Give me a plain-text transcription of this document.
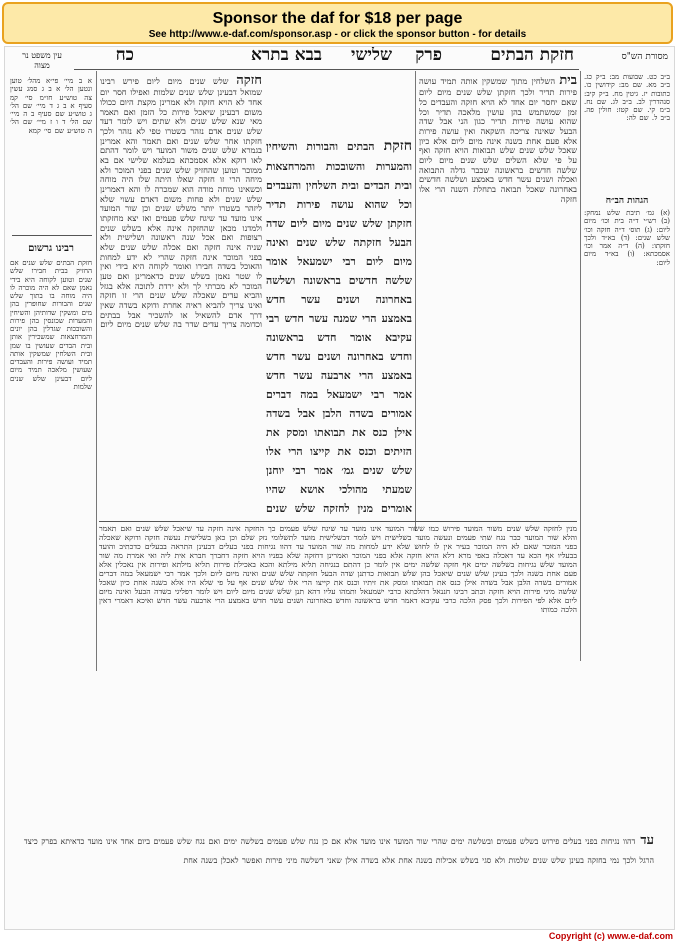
Sponsor the daf for $18 per page
See http://www.e-daf.com/sponsor.asp - or click the sponsor button - for details
מסורת הש"ס
חזקת הבתים
פרק
שלישי
בבא בתרא
כח
עין משפט נר מצוה
ב״ב כט. שבועות מב: ב״ק כג. ב״ב מא. שם מב: קידושין כו. כתובות יז. גיטין מח. ב״ק קיב: סנהדרין לב. ב״ב לג. שם נח. ב״מ קי. שם קטז: חולין פה. ב״ב ל. שם לה:
הגהות הב״ח
(א) גמ׳ תיבת שלש נמחק: (ב) רש״י ד״ה בית וכו׳ מיום ליום: (ג) תוס׳ ד״ה חזקה וכו׳ שלש שנים: (ד) בא״ד ולכך חזקתו: (ה) ד״ה אמר וכו׳ אסמכתא: (ו) בא״ד מיום ליום:
בית השלחין מתוך שמשקין אותה תמיד עושה פירות תדיר ולכך חזקתן שלש שנים מיום ליום שאם יחסר יום אחד לא הויא חזקה והעבדים כל זמן שמשתמש בהן עושין מלאכה תדיר וכל שהוא עושה פירות תדיר כגון הני אבל שדה הבעל שאינה צריכה השקאה ואין עושה פירות אלא פעם אחת בשנה אינה מיום ליום אלא כיון שאכל שלש שנים שלש תבואות הויא חזקה ואף על פי שלא השלים שלש שנים מיום ליום שלשה חדשים בראשונה שכבר גדלה התבואה ואכלה ושנים עשר חדש באמצע ושלשה חדשים באחרונה שאכל תבואה בתחלת השנה הרי אלו חזקה
חזקת הבתים והבורות והשיחין והמערות והשובכות והמרחצאות ובית הבדים ובית השלחין והעבדים וכל שהוא עושה פירות תדיר חזקתן שלש שנים מיום ליום שדה הבעל חזקתה שלש שנים ואינה מיום ליום רבי ישמעאל אומר שלשה חדשים בראשונה ושלשה באחרונה ושנים עשר חדש באמצע הרי שמנה עשר חדש רבי עקיבא אומר חדש בראשונה וחדש באחרונה ושנים עשר חדש באמצע הרי ארבעה עשר חדש אמר רבי ישמעאל במה דברים אמורים בשדה הלבן אבל בשדה אילן כנס את תבואתו ומסק את הזיתים וכנס את קייצו הרי אלו שלש שנים גמ׳ אמר רבי יוחנן שמעתי מהולכי אושא שהיו אומרים מנין לחזקה שלש שנים
חזקה שלש שנים מיום ליום פירש רבינו שמואל דבעינן שלש שנים שלמות ואפילו חסר יום אחד לא הויא חזקה ולא אמרינן מקצת היום ככולו משום דבעינן שיאכל פירות כל הזמן ואם תאמר מאי שנא שלש שנים ולא שתים ויש לומר דעד שלש שנים אדם נזהר בשטרו טפי לא נזהר ולכך חזקתו אחר שלש שנים ואם תאמר והא אמרינן בגמרא שלש שנים משור המועד ויש לומר דהתם לאו דוקא אלא אסמכתא בעלמא שלישי אם בא ממוכר וטוען שהחזיק שלש שנים בפני המוכר ולא מיחה הרי זו חזקה שאלו היתה שלו היה מוחה וכשאינו מוחה מודה הוא שמכרה לו והא דאמרינן שלש שנים ולא פחות משום דאדם עשוי שלא ליזהר בשטרו יותר משלש שנים וכן שור המועד אינו מועד עד שיגח שלש פעמים ואז יצא מחזקתו ולמדנו מכאן שהחזקה אינה אלא בשלש שנים רצופות ואם אכל שנה ראשונה ושלישית ולא שניה אינה חזקה ואם אכלה שלש שנים שלא בפני המוכר אינה חזקה שהרי לא ידע למחות והאוכל בשדה חבירו ואומר לקוחה היא בידי ואין לו שטר נאמן בשלש שנים כדאמרינן ואם טען המוכר לא מכרתי לך ולא ירדת לתוכה אלא בגזל והביא עדים שאכלה שלש שנים הרי זו חזקה ואינו צריך להביא ראיה אחרת ודוקא בשדה שאין דרך אדם להשאיל או להשכיר אבל בבתים וכדומה צריך עדים שדר בה שלש שנים מיום ליום
א ב מיי׳ פי״א מהל׳ טוען ונטען הל׳ א ב ג סמג עשין צה טוש״ע חו״מ סי׳ קמ סעיף א ב ג ד מיי׳ שם הל׳ ג טוש״ע שם סעיף ב ה מיי׳ שם הל׳ ד ו ז מיי׳ שם הל׳ ה טוש״ע שם סי׳ קמא
רבינו גרשום
חזקת הבתים שלש שנים אם החזיק בבית חבירו שלש שנים וטוען לקוחה היא בידי נאמן שאם לא היה מוכרה לו היה מוחה בו בתוך שלש שנים והבורות שחופרין בהן מים ומשקין שדותיהן והשיחין והמערות שכונסין בהן פירות והשובכות שגדלין בהן יונים והמרחצאות שמשכירין אותן ובית הבדים שעושין בו שמן ובית השלחין שמשקין אותה תמיד ועושה פירות והעבדים שעושין מלאכה תמיד מיום ליום דבעינן שלש שנים שלמות
מנין לחזקה שלש שנים משור המועד פירוש כמו ששור המועד אינו מועד עד שיגח שלש פעמים כך החזקה אינה חזקה עד שיאכל שלש שנים ואם תאמר והלא שור המועד כבר נגח שתי פעמים ונעשה מועד בשלישית ויש לומר דבשלישית מועד לתשלומי נזק שלם וכן כאן בשלישית נעשה חזקה ודוקא שאכלה בפני המוכר שאם לא היה המוכר בעיר אין לו לחוש שלא ידע למחות מה שור המועד עד דהוו נגיחות בפני בעלים דבעינן התראה בבעלים כדכתיב והועד בבעליו אף הכא עד דאכלה באפי מרא דלא הויא חזקה אלא בפני המוכר ואמרינן דחזקה שלא בפניו הויא חזקה דחברך חברא אית ליה ואי אמרת מה שור המועד שלש נגיחות בשלשה ימים אף חזקה שלשה ימים אין לומר כן דהתם בנגיחה תליא מילתא והכא באכילת פירות תליא מילתא ופירות אין נאכלין אלא פעם אחת בשנה ולכך בעינן שלש שנים שיאכל בהן שלש תבואות כדתנן שדה הבעל חזקתה שלש שנים ואינה מיום ליום ולכך אמר רבי ישמעאל במה דברים אמורים בשדה הלבן אבל בשדה אילן כנס את תבואתו ומסק את זיתיו וכנס את קייצו הרי אלו שלש שנים אף על פי שלא היו אלא בשנה אחת כיון שאכל שלשה מיני פירות הויא חזקה וכתב רבינו חננאל דהלכתא כרבי ישמעאל ותמהו עליו דהא תנן שלש שנים מיום ליום ויש לומר דפליגי בשדה הבעל ואינה מיום ליום אלא לפי הפירות ולכך פסק הלכה כרבי עקיבא דאמר חדש בראשונה וחדש באחרונה ושנים עשר חדש באמצע הרי ארבעה עשר חדש ואיכא דאמרי דאין הלכה כמותו
עד דהוו נגיחות בפני בעלים פירוש בשלש פעמים ובשלשה ימים שהרי שור המועד אינו מועד אלא אם כן נגח שלש פעמים בשלשה ימים ואם נגח שלש פעמים ביום אחד אינו מועד כדאיתא בפרק כיצד הרגל ולכך נמי בחזקה בעינן שלש שנים שלמות ולא סגי בשלש אכילות בשנה אחת אלא בשדה אילן שאני דשלשה מיני פירות ואפשר לאכלן בשנה אחת
Copyright (c) www.e-daf.com
